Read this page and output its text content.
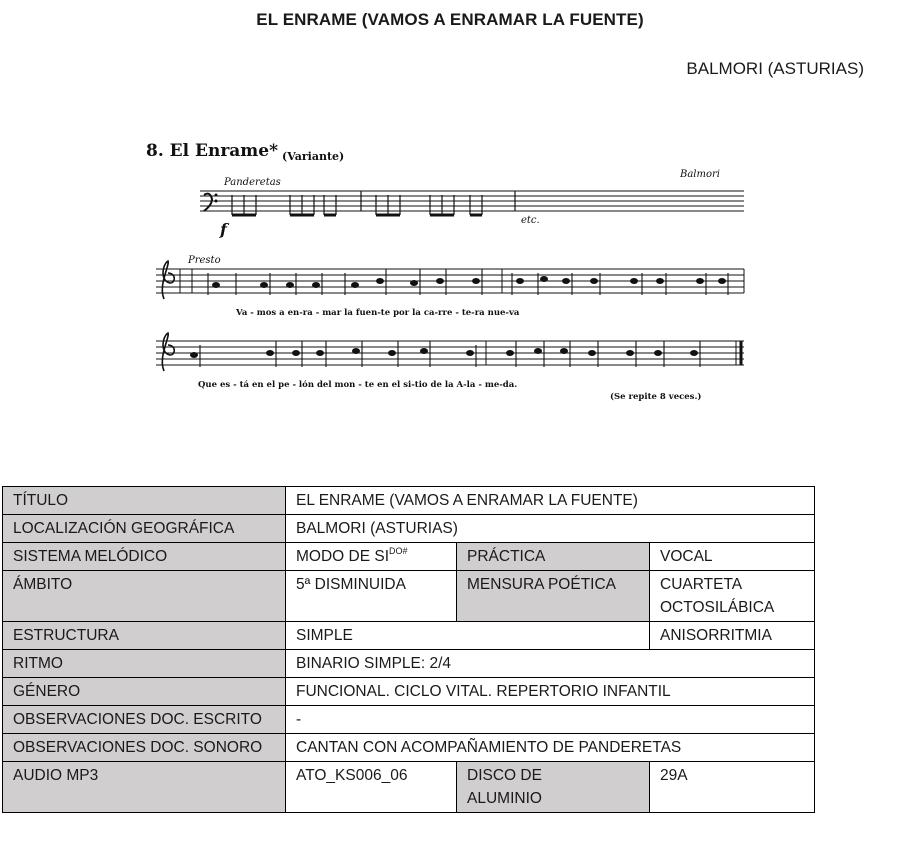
EL ENRAME (VAMOS A ENRAMAR LA FUENTE)
BALMORI (ASTURIAS)
8. El Enrame* (Variante)
Balmori
Panderetas
f	etc.
Presto
Va - mos a en-ra - mar la fuen-te por la ca-rre - te-ra nue-va
Que es - tá en el pe - lón del mon - te en el si-tio de la A-la - me-da.
(Se repite 8 veces.)
TÍTULO	EL ENRAME (VAMOS A ENRAMAR LA FUENTE)		
LOCALIZACIÓN GEOGRÁFICA	BALMORI (ASTURIAS)		
SISTEMA MELÓDICO	MODO DE $SI^{DO\#}$	PRÁCTICA	VOCAL
ÁMBITO	5ª DISMINUIDA	MENSURA POÉTICA	CUARTETA
OCTOSILÁBICA

ESTRUCTURA	SIMPLE		ANISORRITMIA
RITMO	BINARIO SIMPLE: 2/4		
GÉNERO	FUNCIONAL. CICLO VITAL. REPERTORIO INFANTIL		
OBSERVACIONES DOC. ESCRITO	-		
OBSERVACIONES DOC. SONORO	CANTAN CON ACOMPAÑAMIENTO DE PANDERETAS		
AUDIO MP3	ATO_KS006_06	DISCO DE
ALUMINIO	29A
